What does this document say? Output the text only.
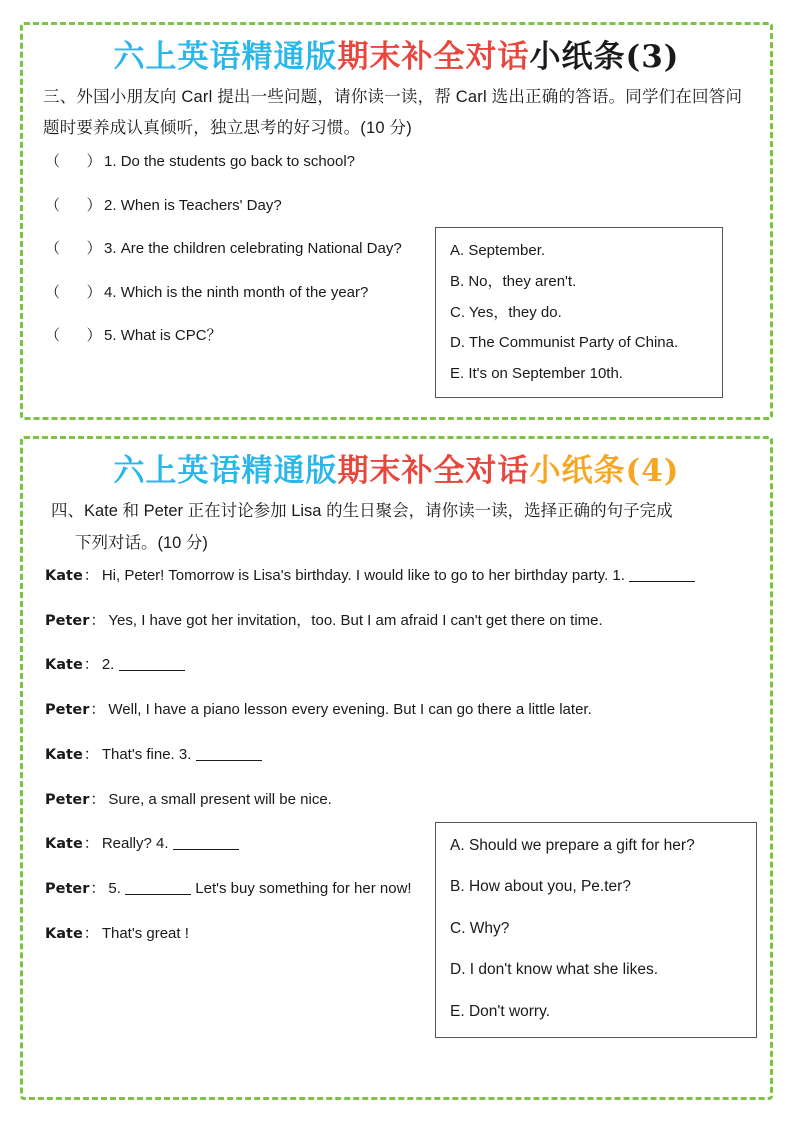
六上英语精通版期末补全对话小纸条(3)
三、外国小朋友向 Carl 提出一些问题，请你读一读，帮 Carl 选出正确的答语。同学们在回答问题时要养成认真倾听，独立思考的好习惯。(10 分)
（ ） 1. Do the students go back to school?
（ ） 2. When is Teachers' Day?
（ ） 3. Are the children celebrating National Day?
（ ） 4. Which is the ninth month of the year?
（ ） 5. What is CPC？
A. September.
B. No，they aren't.
C. Yes，they do.
D. The Communist Party of China.
E. It's on September 10th.
六上英语精通版期末补全对话小纸条(4)
四、Kate 和 Peter 正在讨论参加 Lisa 的生日聚会，请你读一读，选择正确的句子完成
下列对话。(10 分)
Kate： Hi, Peter! Tomorrow is Lisa's birthday. I would like to go to her birthday party. 1.
Peter： Yes, I have got her invitation，too. But I am afraid I can't get there on time.
Kate： 2.
Peter： Well, I have a piano lesson every evening. But I can go there a little later.
Kate： That's fine. 3.
Peter： Sure, a small present will be nice.
Kate： Really? 4.
Peter： 5.	Let's buy something for her now!
Kate： That's great !
A. Should we prepare a gift for her?
B. How about you, Pe.ter?
C. Why?
D. I don't know what she likes.
E. Don't worry.
